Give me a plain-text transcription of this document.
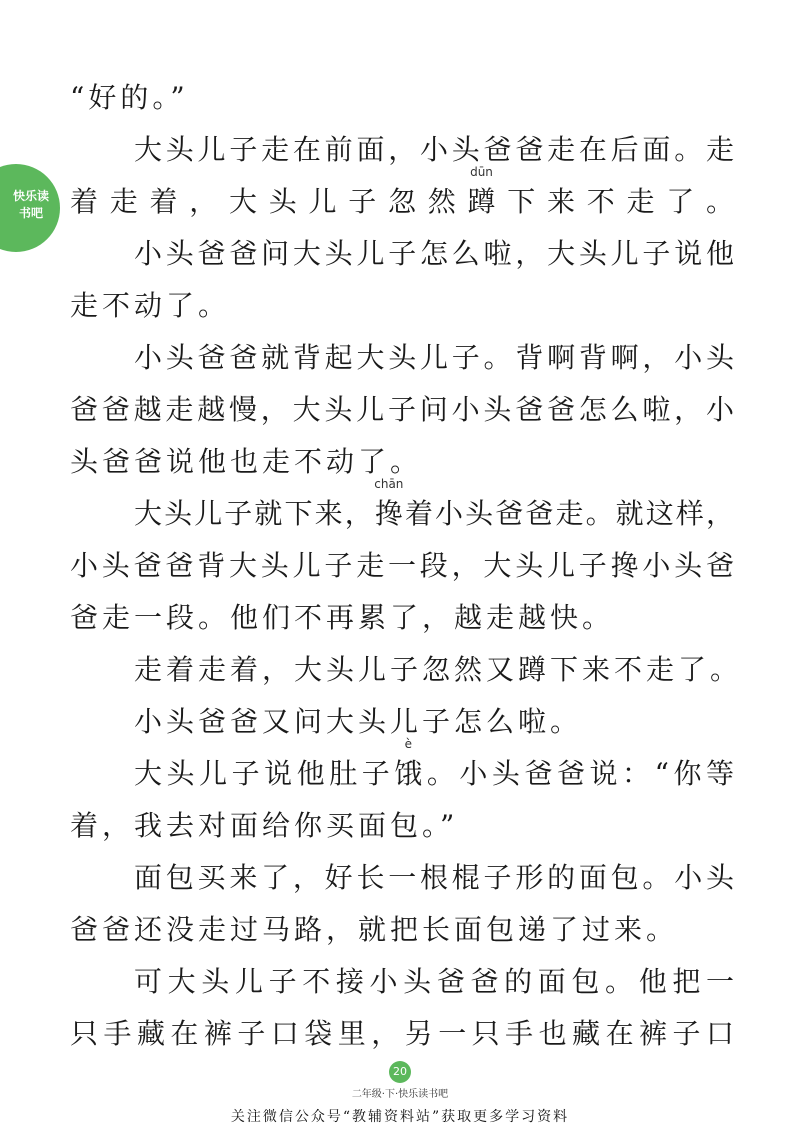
快乐读书吧
“好的。”
大头儿子走在前面，小头爸爸走在后面。走
着走着，大头儿子忽然
dūn
蹲下来不走了。
小头爸爸问大头儿子怎么啦，大头儿子说他
走不动了。
小头爸爸就背起大头儿子。背啊背啊，小头
爸爸越走越慢，大头儿子问小头爸爸怎么啦，小
头爸爸说他也走不动了。
大头儿子就下来，
chān
搀着小头爸爸走。就这样，
小头爸爸背大头儿子走一段，大头儿子搀小头爸
爸走一段。他们不再累了，越走越快。
走着走着，大头儿子忽然又蹲下来不走了。
小头爸爸又问大头儿子怎么啦。
大头儿子说他肚子
è
饿。小头爸爸说：“你等
着，我去对面给你买面包。”
面包买来了，好长一根棍子形的面包。小头
爸爸还没走过马路，就把长面包递了过来。
可大头儿子不接小头爸爸的面包。他把一
只手藏在裤子口袋里，另一只手也藏在裤子口
20
二年级·下·快乐读书吧
关注微信公众号“教辅资料站”获取更多学习资料
